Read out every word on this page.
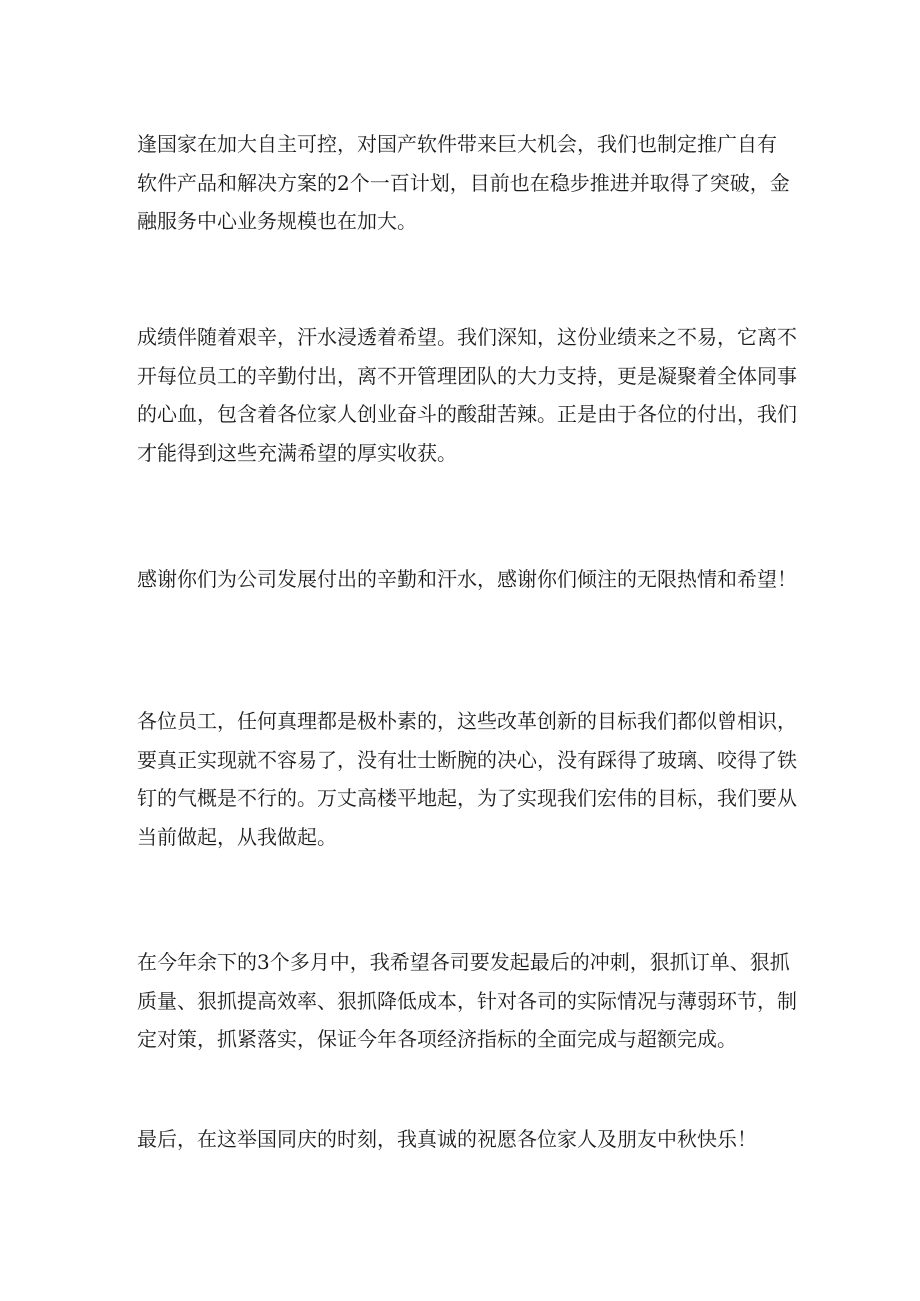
逢国家在加大自主可控，对国产软件带来巨大机会，我们也制定推广自有
软件产品和解决方案的2个一百计划，目前也在稳步推进并取得了突破，金
融服务中心业务规模也在加大。

成绩伴随着艰辛，汗水浸透着希望。我们深知，这份业绩来之不易，它离不
开每位员工的辛勤付出，离不开管理团队的大力支持，更是凝聚着全体同事
的心血，包含着各位家人创业奋斗的酸甜苦辣。正是由于各位的付出，我们
才能得到这些充满希望的厚实收获。

感谢你们为公司发展付出的辛勤和汗水，感谢你们倾注的无限热情和希望！

各位员工，任何真理都是极朴素的，这些改革创新的目标我们都似曾相识，
要真正实现就不容易了，没有壮士断腕的决心，没有踩得了玻璃、咬得了铁
钉的气概是不行的。万丈高楼平地起，为了实现我们宏伟的目标，我们要从
当前做起，从我做起。

在今年余下的3个多月中，我希望各司要发起最后的冲刺，狠抓订单、狠抓
质量、狠抓提高效率、狠抓降低成本，针对各司的实际情况与薄弱环节，制
定对策，抓紧落实，保证今年各项经济指标的全面完成与超额完成。

最后，在这举国同庆的时刻，我真诚的祝愿各位家人及朋友中秋快乐！
